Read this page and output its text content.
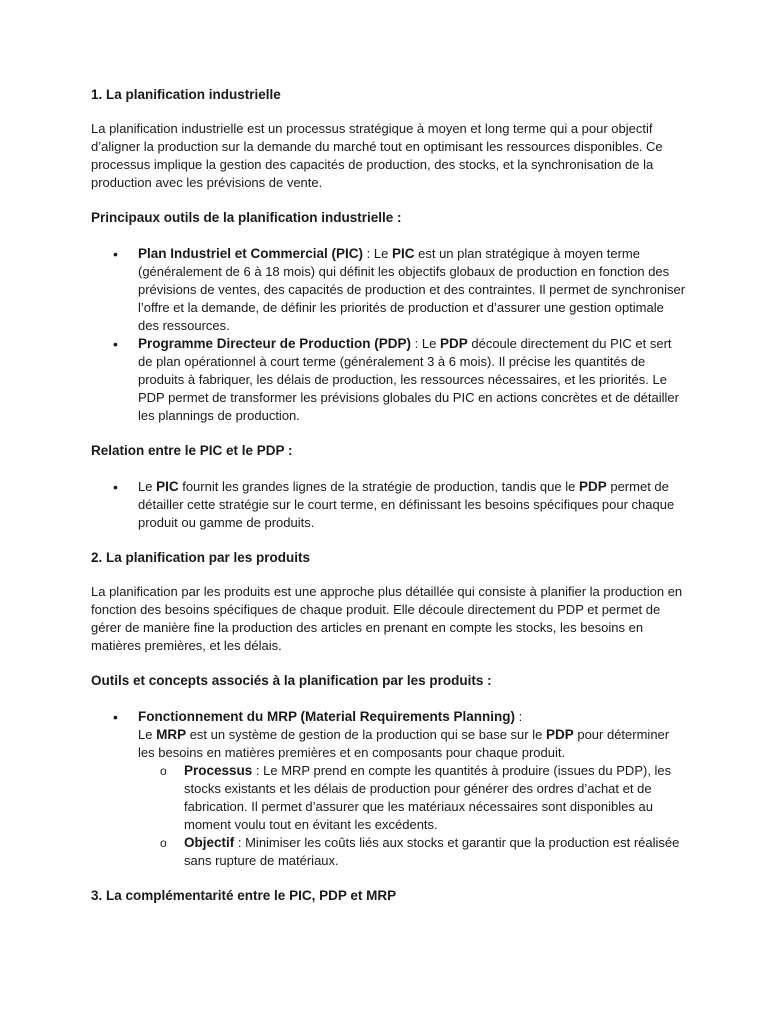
1. La planification industrielle

La planification industrielle est un processus stratégique à moyen et long terme qui a pour objectif d’aligner la production sur la demande du marché tout en optimisant les ressources disponibles. Ce processus implique la gestion des capacités de production, des stocks, et la synchronisation de la production avec les prévisions de vente.

Principaux outils de la planification industrielle :
• Plan Industriel et Commercial (PIC) : Le PIC est un plan stratégique à moyen terme (généralement de 6 à 18 mois) qui définit les objectifs globaux de production en fonction des prévisions de ventes, des capacités de production et des contraintes. Il permet de synchroniser l’offre et la demande, de définir les priorités de production et d’assurer une gestion optimale des ressources.
• Programme Directeur de Production (PDP) : Le PDP découle directement du PIC et sert de plan opérationnel à court terme (généralement 3 à 6 mois). Il précise les quantités de produits à fabriquer, les délais de production, les ressources nécessaires, et les priorités. Le PDP permet de transformer les prévisions globales du PIC en actions concrètes et de détailler les plannings de production.
Relation entre le PIC et le PDP :
• Le PIC fournit les grandes lignes de la stratégie de production, tandis que le PDP permet de détailler cette stratégie sur le court terme, en définissant les besoins spécifiques pour chaque produit ou gamme de produits.
2. La planification par les produits

La planification par les produits est une approche plus détaillée qui consiste à planifier la production en fonction des besoins spécifiques de chaque produit. Elle découle directement du PDP et permet de gérer de manière fine la production des articles en prenant en compte les stocks, les besoins en matières premières, et les délais.

Outils et concepts associés à la planification par les produits :
• Fonctionnement du MRP (Material Requirements Planning) :
Le MRP est un système de gestion de la production qui se base sur le PDP pour déterminer les besoins en matières premières et en composants pour chaque produit.
o Processus : Le MRP prend en compte les quantités à produire (issues du PDP), les stocks existants et les délais de production pour générer des ordres d’achat et de fabrication. Il permet d’assurer que les matériaux nécessaires sont disponibles au moment voulu tout en évitant les excédents.
o Objectif : Minimiser les coûts liés aux stocks et garantir que la production est réalisée sans rupture de matériaux.
3. La complémentarité entre le PIC, PDP et MRP
